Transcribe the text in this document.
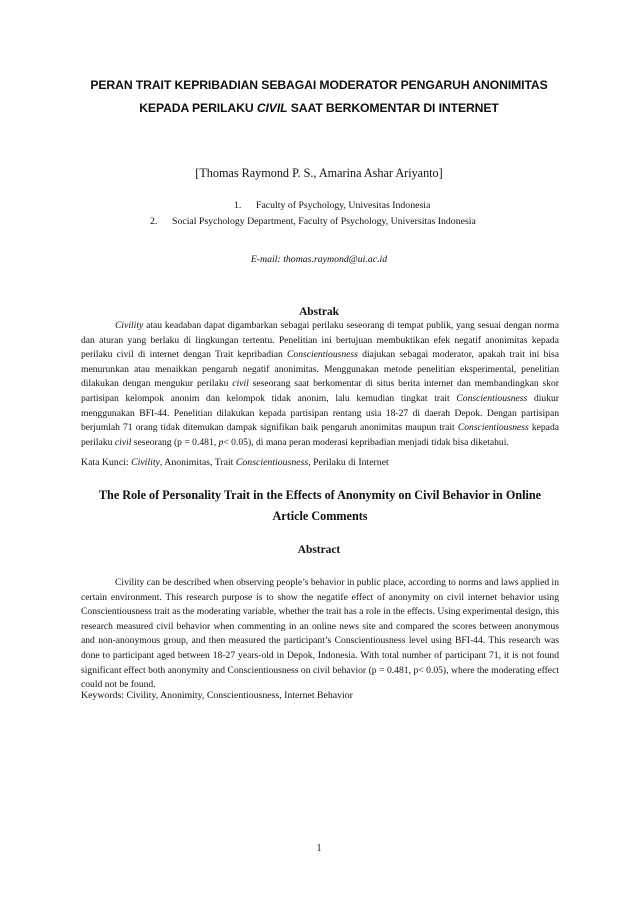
PERAN TRAIT KEPRIBADIAN SEBAGAI MODERATOR PENGARUH ANONIMITAS
KEPADA PERILAKU CIVIL SAAT BERKOMENTAR DI INTERNET
[Thomas Raymond P. S., Amarina Ashar Ariyanto]
1. Faculty of Psychology, Univesitas Indonesia
2. Social Psychology Department, Faculty of Psychology, Universitas Indonesia
E-mail: thomas.raymond@ui.ac.id
Abstrak
Civility atau keadaban dapat digambarkan sebagai perilaku seseorang di tempat publik, yang sesuai dengan norma dan aturan yang berlaku di lingkungan tertentu. Penelitian ini bertujuan membuktikan efek negatif anonimitas kepada perilaku civil di internet dengan Trait kepribadian Conscientiousness diajukan sebagai moderator, apakah trait ini bisa menurunkan atau menaikkan pengaruh negatif anonimitas. Menggunakan metode penelitian eksperimental, penelitian dilakukan dengan mengukur perilaku civil seseorang saat berkomentar di situs berita internet dan membandingkan skor partisipan kelompok anonim dan kelompok tidak anonim, lalu kemudian tingkat trait Conscientiousness diukur menggunakan BFI-44. Penelitian dilakukan kepada partisipan rentang usia 18-27 di daerah Depok. Dengan partisipan berjumlah 71 orang tidak ditemukan dampak signifikan baik pengaruh anonimitas maupun trait Conscientiousness kepada perilaku civil seseorang (p = 0.481, p< 0.05), di mana peran moderasi kepribadian menjadi tidak bisa diketahui.
Kata Kunci: Civility, Anonimitas, Trait Conscientiousness, Perilaku di Internet
The Role of Personality Trait in the Effects of Anonymity on Civil Behavior in Online
Article Comments
Abstract
Civility can be described when observing people’s behavior in public place, according to norms and laws applied in certain environment. This research purpose is to show the negatife effect of anonymity on civil internet behavior using Conscientiousness trait as the moderating variable, whether the trait has a role in the effects. Using experimental design, this research measured civil behavior when commenting in an online news site and compared the scores between anonymous and non-anonymous group, and then measured the participant’s Conscientiousness level using BFI-44. This research was done to participant aged between 18-27 years-old in Depok, Indonesia. With total number of participant 71, it is not found significant effect both anonymity and Conscientiousness on civil behavior (p = 0.481, p< 0.05), where the moderating effect could not be found.
Keywords: Civility, Anonimity, Conscientiousness, Internet Behavior
1
